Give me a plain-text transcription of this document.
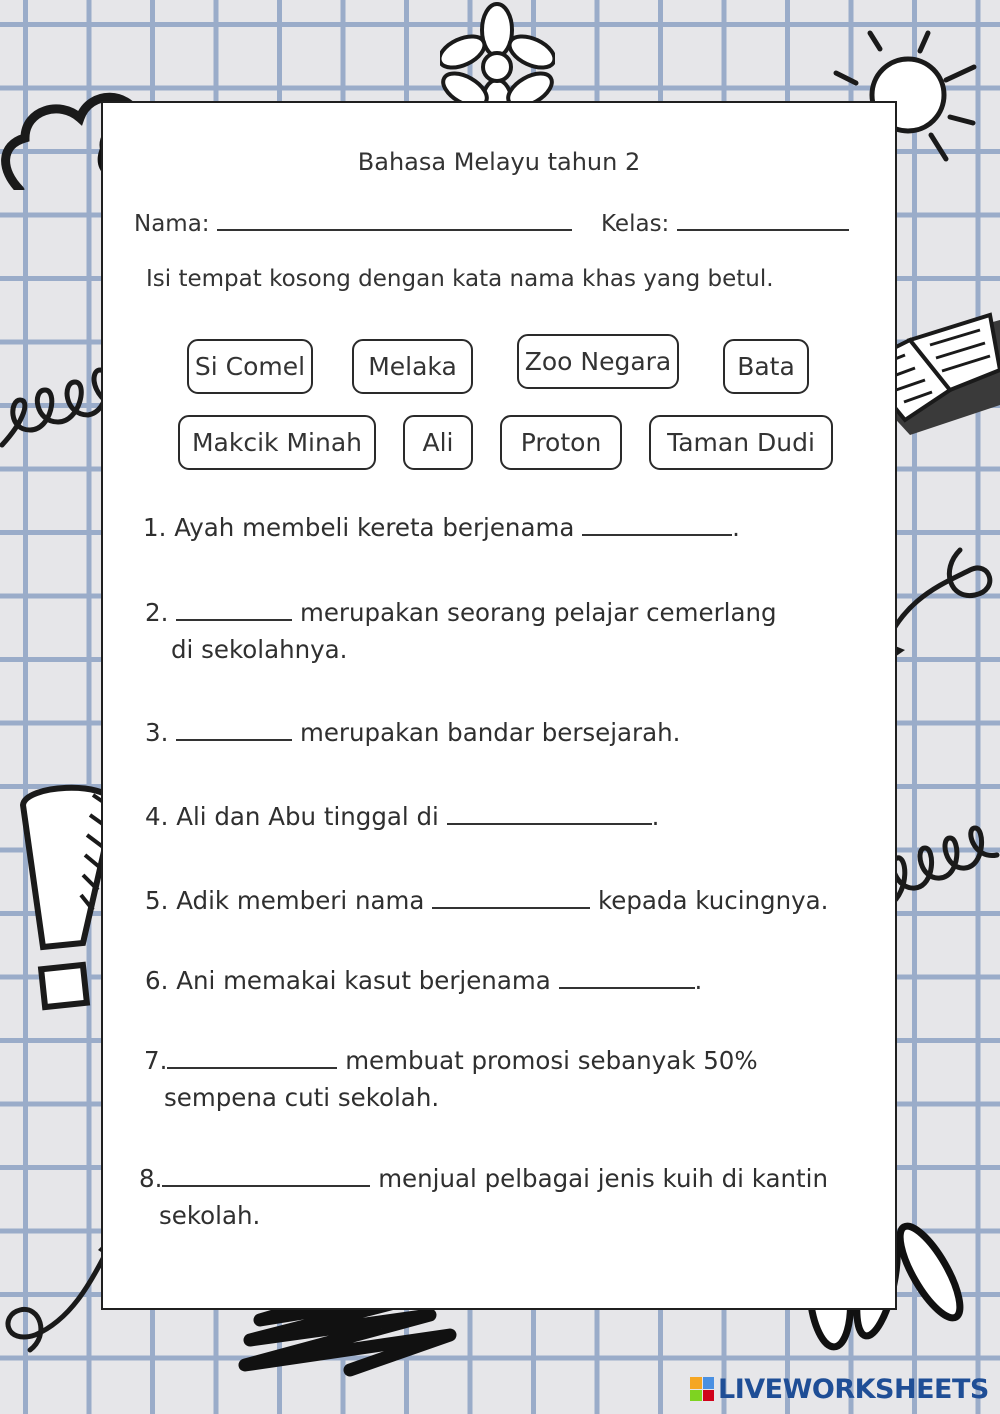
Bahasa Melayu tahun 2
Nama:	Kelas:
Isi tempat kosong dengan kata nama khas yang betul.
Si Comel	Melaka	Zoo Negara	Bata
Makcik Minah	Ali	Proton	Taman Dudi
1. Ayah membeli kereta berjenama	.
2.	merupakan seorang pelajar cemerlang
di sekolahnya.
3.	merupakan bandar bersejarah.
4. Ali dan Abu tinggal di	.
5. Adik memberi nama	kepada kucingnya.
6. Ani memakai kasut berjenama	.
7.	membuat promosi sebanyak 50%
sempena cuti sekolah.
8.	menjual pelbagai jenis kuih di kantin
sekolah.
LIVEWORKSHEETS
